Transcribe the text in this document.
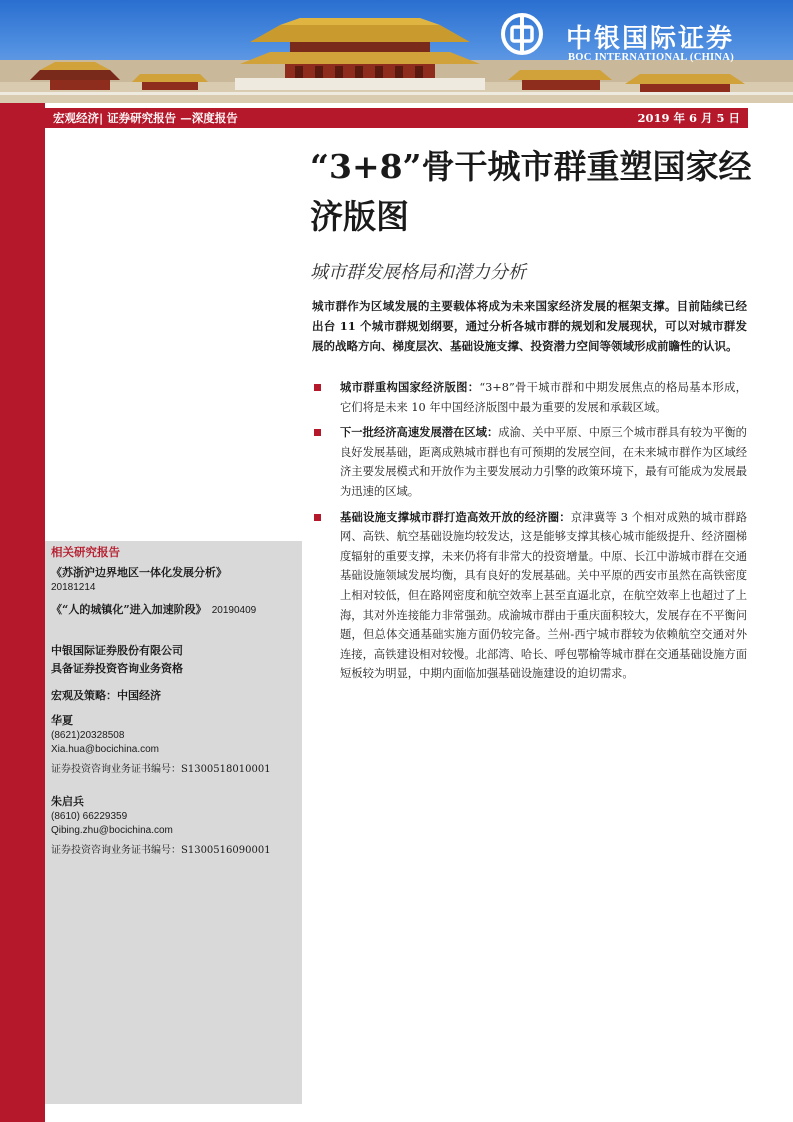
中银国际证券
BOC INTERNATIONAL (CHINA)
宏观经济| 证券研究报告 —深度报告	2019 年 6 月 5 日
“3+8”骨干城市群重塑国家经济版图
城市群发展格局和潜力分析
城市群作为区域发展的主要载体将成为未来国家经济发展的框架支撑。目前陆续已经出台 11 个城市群规划纲要，通过分析各城市群的规划和发展现状，可以对城市群发展的战略方向、梯度层次、基础设施支撑、投资潜力空间等领域形成前瞻性的认识。
城市群重构国家经济版图：“3+8”骨干城市群和中期发展焦点的格局基本形成，它们将是未来 10 年中国经济版图中最为重要的发展和承载区域。
下一批经济高速发展潜在区域：成渝、关中平原、中原三个城市群具有较为平衡的良好发展基础，距离成熟城市群也有可预期的发展空间，在未来城市群作为区域经济主要发展模式和开放作为主要发展动力引擎的政策环境下，最有可能成为发展最为迅速的区域。
基础设施支撑城市群打造高效开放的经济圈：京津冀等 3 个相对成熟的城市群路网、高铁、航空基础设施均较发达，这是能够支撑其核心城市能级提升、经济圈梯度辐射的重要支撑，未来仍将有非常大的投资增量。中原、长江中游城市群在交通基础设施领域发展均衡，具有良好的发展基础。关中平原的西安市虽然在高铁密度上相对较低，但在路网密度和航空效率上甚至直逼北京，在航空效率上也超过了上海，其对外连接能力非常强劲。成渝城市群由于重庆面积较大，发展存在不平衡问题，但总体交通基础实施方面仍较完备。兰州-西宁城市群较为依赖航空交通对外连接，高铁建设相对较慢。北部湾、哈长、呼包鄂榆等城市群在交通基础设施方面短板较为明显，中期内面临加强基础设施建设的迫切需求。
相关研究报告
《苏浙沪边界地区一体化发展分析》
20181214
《“人的城镇化”进入加速阶段》 20190409
中银国际证券股份有限公司
具备证券投资咨询业务资格
宏观及策略：中国经济
华夏
(8621)20328508
Xia.hua@bocichina.com
证券投资咨询业务证书编号：S1300518010001
朱启兵
(8610) 66229359
Qibing.zhu@bocichina.com
证券投资咨询业务证书编号：S1300516090001
